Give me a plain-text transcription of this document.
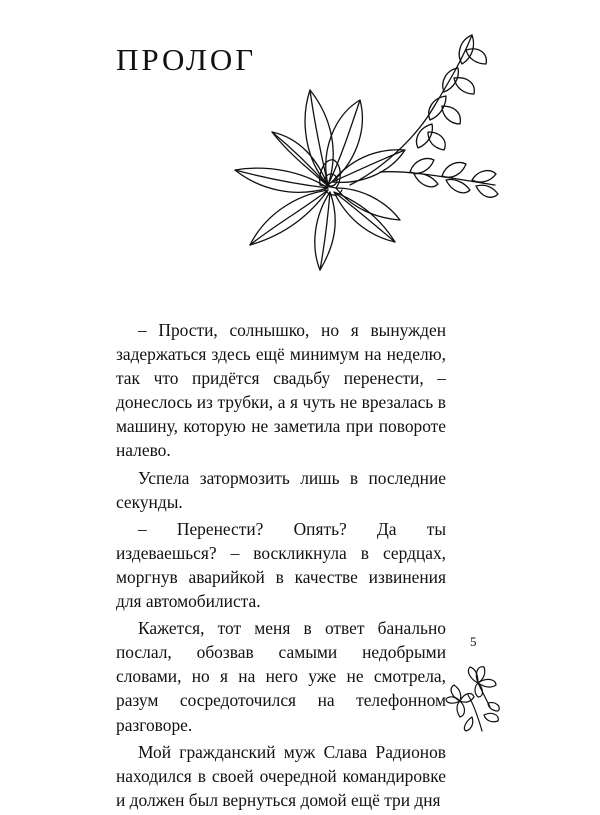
ПРОЛОГ

– Прости, солнышко, но я вынужден задержаться здесь ещё минимум на неделю, так что придётся свадьбу перенести, – донеслось из трубки, а я чуть не врезалась в машину, которую не заметила при повороте налево.

Успела затормозить лишь в последние секунды.

– Перенести? Опять? Да ты издеваешься? – воскликнула в сердцах, моргнув аварийкой в качестве извинения для автомобилиста.

Кажется, тот меня в ответ банально послал, обозвав самыми недобрыми словами, но я на него уже не смотрела, разум сосредоточился на телефонном разговоре.

Мой гражданский муж Слава Радионов находился в своей очередной командировке и должен был вернуться домой ещё три дня

5
